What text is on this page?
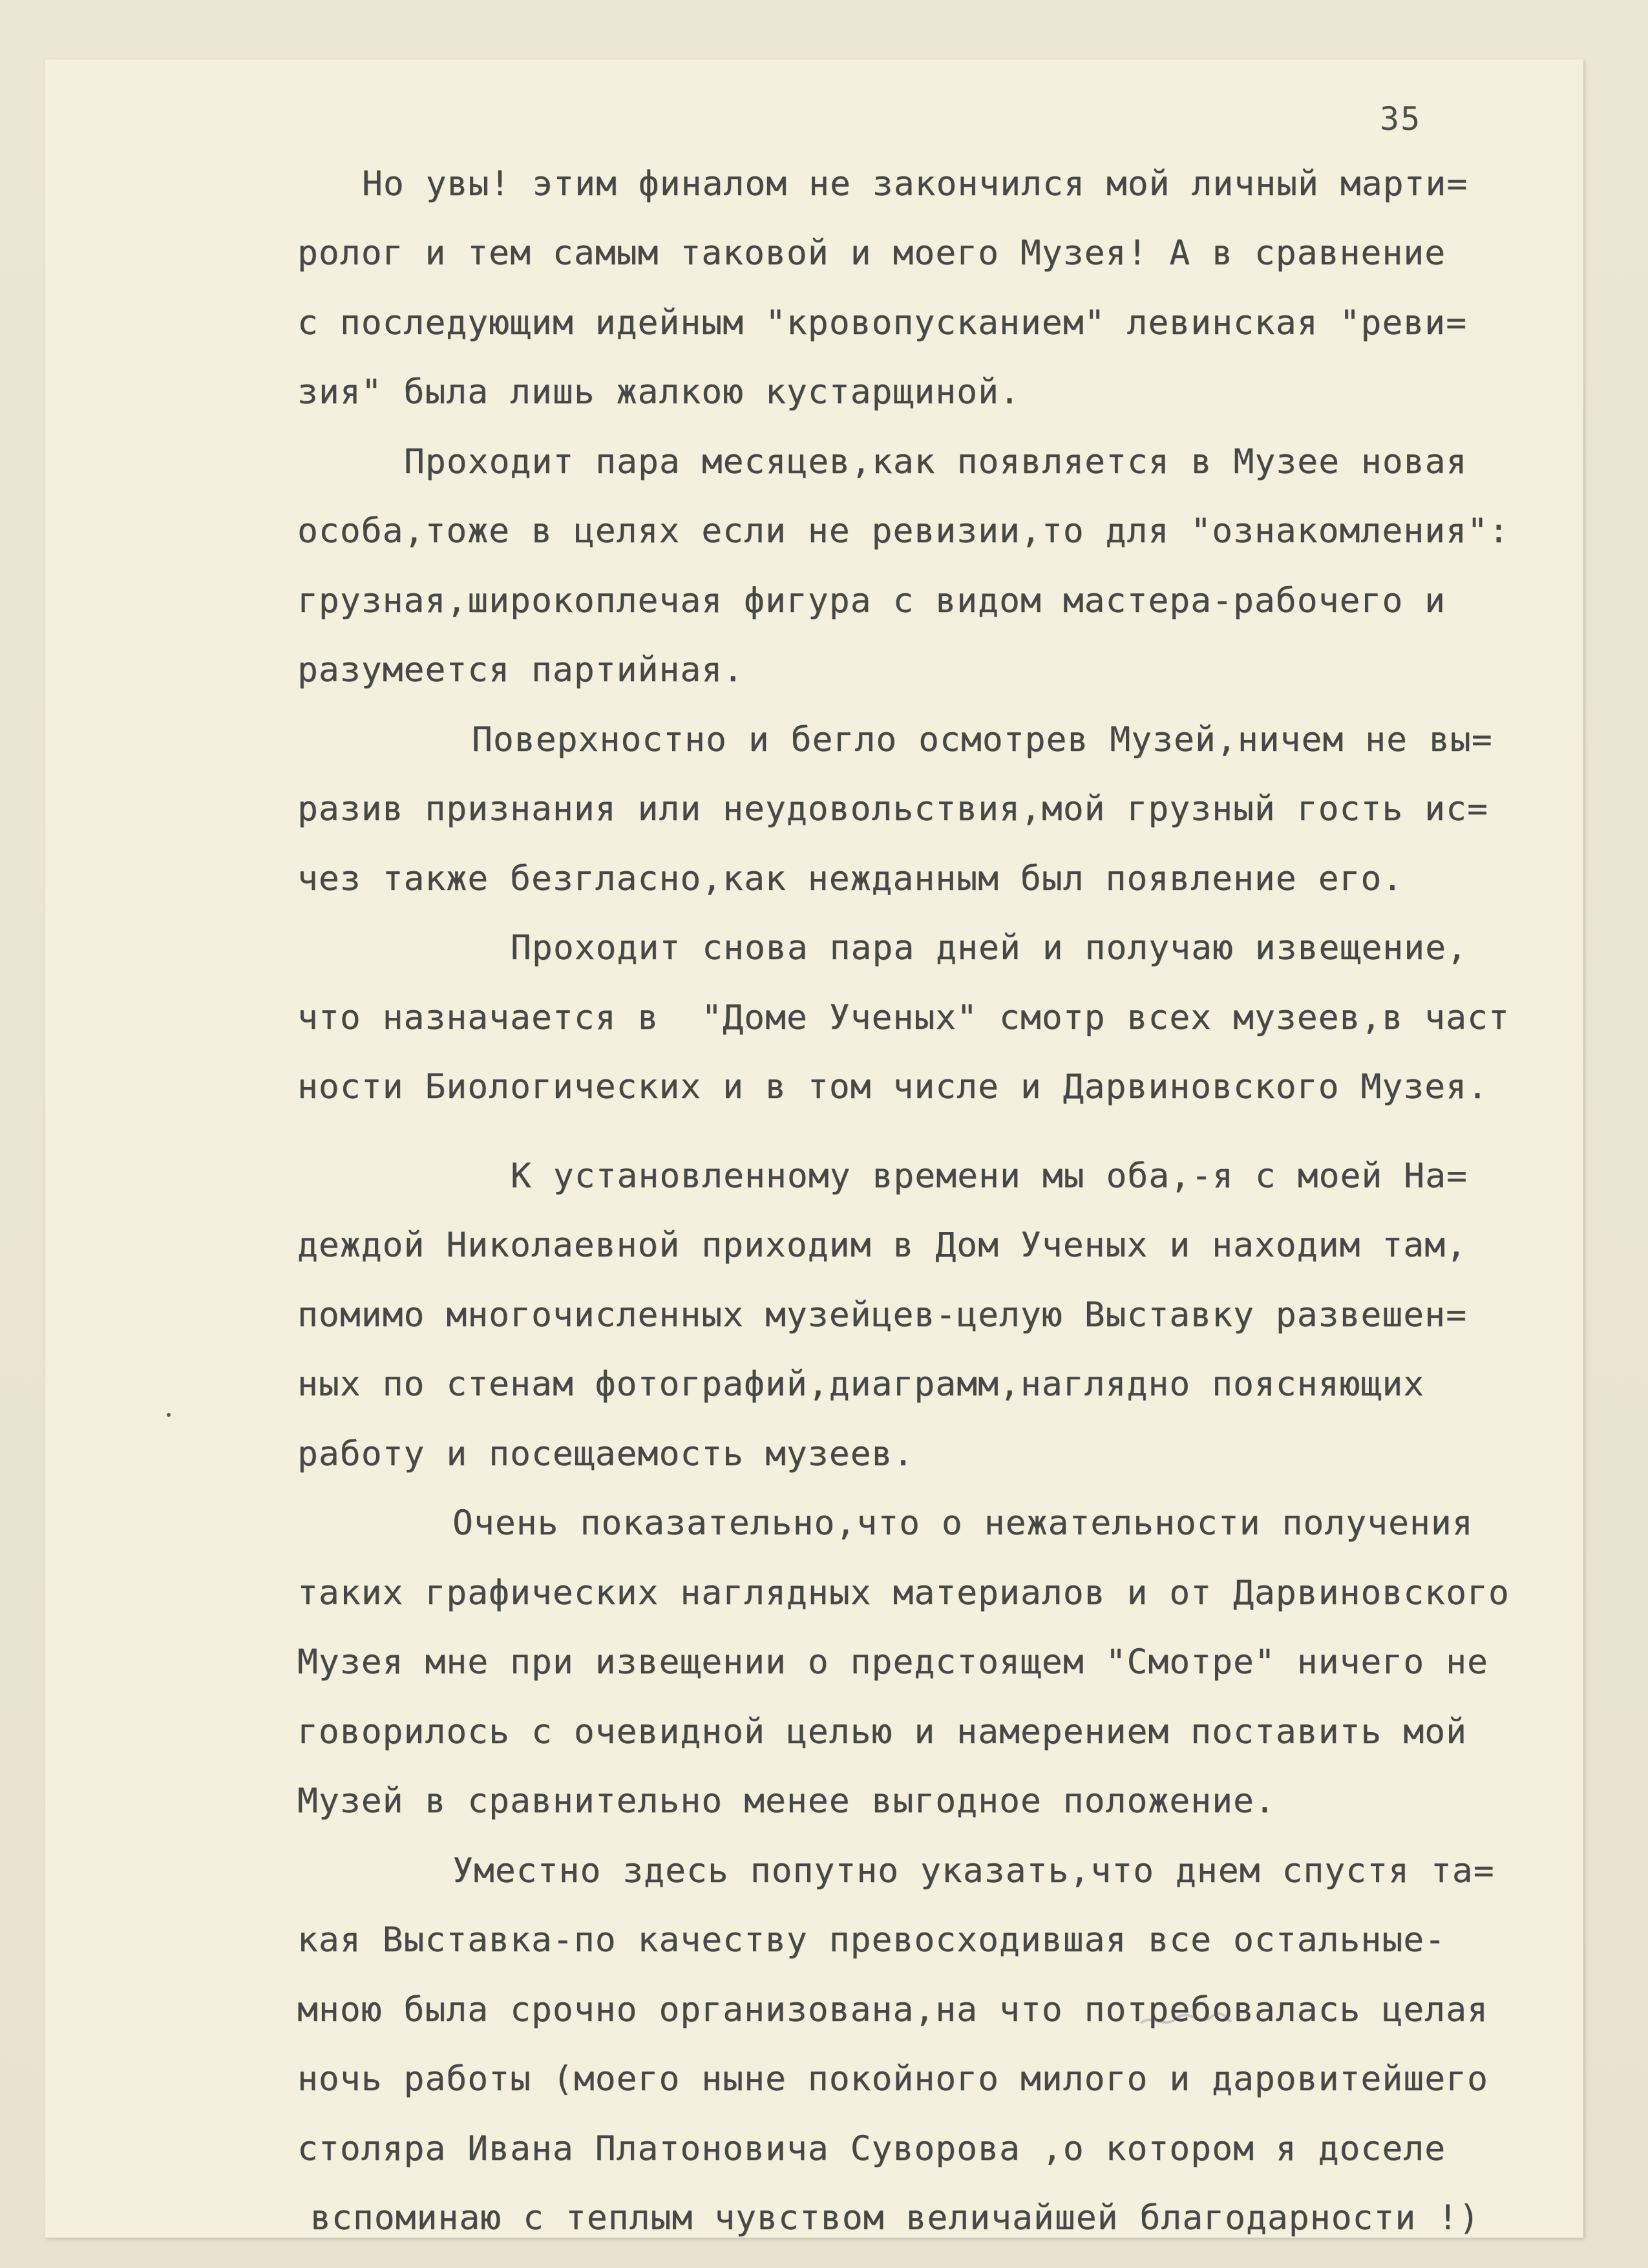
35
Но увы! этим финалом не закончился мой личный марти=
ролог и тем самым таковой и моего Музея! А в сравнение
с последующим идейным "кровопусканием" левинская "реви=
зия" была лишь жалкою кустарщиной.
Проходит пара месяцев,как появляется в Музее новая
особа,тоже в целях если не ревизии,то для "ознакомления":
грузная,широкоплечая фигура с видом мастера-рабочего и
разумеется партийная.
Поверхностно и бегло осмотрев Музей,ничем не вы=
разив признания или неудовольствия,мой грузный гость ис=
чез также безгласно,как нежданным был появление его.
Проходит снова пара дней и получаю извещение,
что назначается в  "Доме Ученых" смотр всех музеев,в част
ности Биологических и в том числе и Дарвиновского Музея.
К установленному времени мы оба,-я с моей На=
деждой Николаевной приходим в Дом Ученых и находим там,
помимо многочисленных музейцев-целую Выставку развешен=
ных по стенам фотографий,диаграмм,наглядно поясняющих
работу и посещаемость музеев.
Очень показательно,что о нежательности получения
таких графических наглядных материалов и от Дарвиновского
Музея мне при извещении о предстоящем "Смотре" ничего не
говорилось с очевидной целью и намерением поставить мой
Музей в сравнительно менее выгодное положение.
Уместно здесь попутно указать,что днем спустя та=
кая Выставка-по качеству превосходившая все остальные-
мною была срочно организована,на что потребовалась целая
ночь работы (моего ныне покойного милого и даровитейшего
столяра Ивана Платоновича Суворова ,о котором я доселе
вспоминаю с теплым чувством величайшей благодарности !)
